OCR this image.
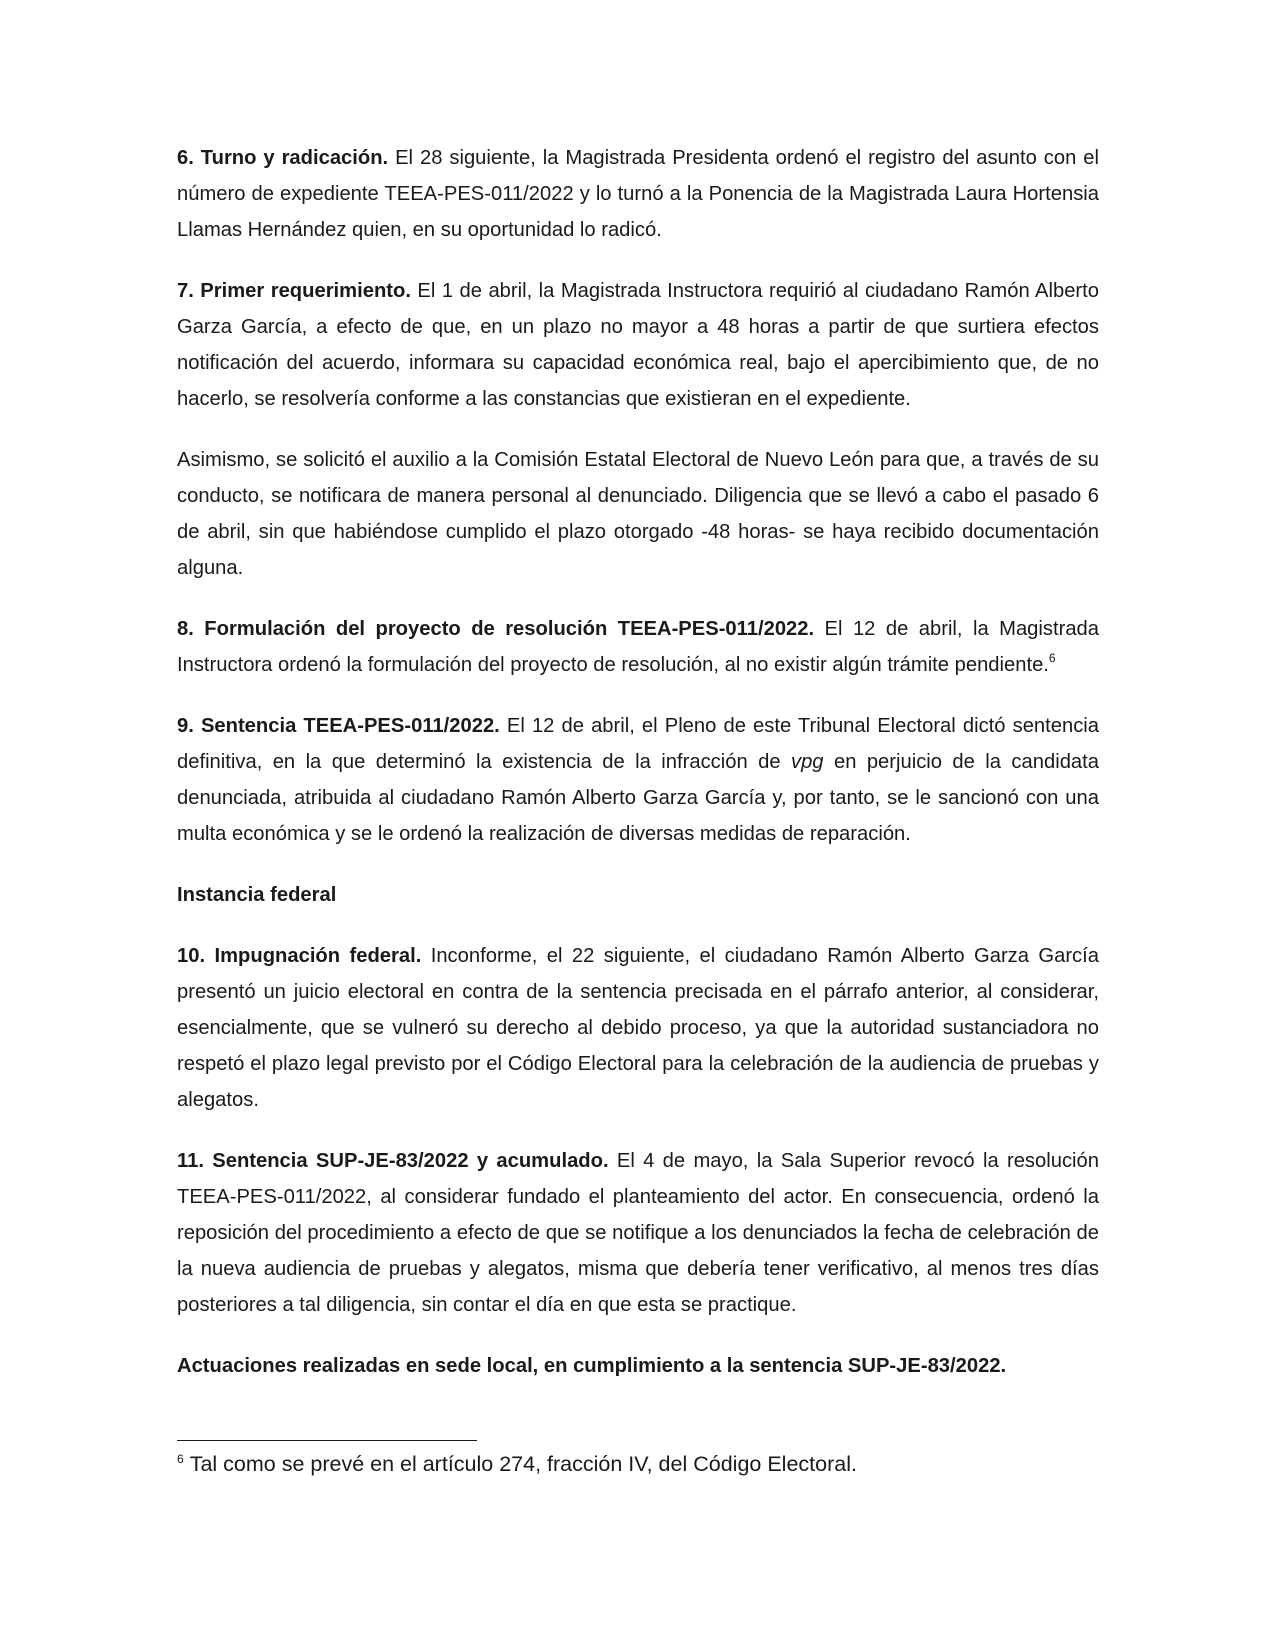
6. Turno y radicación. El 28 siguiente, la Magistrada Presidenta ordenó el registro del asunto con el número de expediente TEEA-PES-011/2022 y lo turnó a la Ponencia de la Magistrada Laura Hortensia Llamas Hernández quien, en su oportunidad lo radicó.

7. Primer requerimiento. El 1 de abril, la Magistrada Instructora requirió al ciudadano Ramón Alberto Garza García, a efecto de que, en un plazo no mayor a 48 horas a partir de que surtiera efectos notificación del acuerdo, informara su capacidad económica real, bajo el apercibimiento que, de no hacerlo, se resolvería conforme a las constancias que existieran en el expediente.

Asimismo, se solicitó el auxilio a la Comisión Estatal Electoral de Nuevo León para que, a través de su conducto, se notificara de manera personal al denunciado. Diligencia que se llevó a cabo el pasado 6 de abril, sin que habiéndose cumplido el plazo otorgado -48 horas- se haya recibido documentación alguna.

8. Formulación del proyecto de resolución TEEA-PES-011/2022. El 12 de abril, la Magistrada Instructora ordenó la formulación del proyecto de resolución, al no existir algún trámite pendiente.$^6$

9. Sentencia TEEA-PES-011/2022. El 12 de abril, el Pleno de este Tribunal Electoral dictó sentencia definitiva, en la que determinó la existencia de la infracción de vpg en perjuicio de la candidata denunciada, atribuida al ciudadano Ramón Alberto Garza García y, por tanto, se le sancionó con una multa económica y se le ordenó la realización de diversas medidas de reparación.

Instancia federal

10. Impugnación federal. Inconforme, el 22 siguiente, el ciudadano Ramón Alberto Garza García presentó un juicio electoral en contra de la sentencia precisada en el párrafo anterior, al considerar, esencialmente, que se vulneró su derecho al debido proceso, ya que la autoridad sustanciadora no respetó el plazo legal previsto por el Código Electoral para la celebración de la audiencia de pruebas y alegatos.

11. Sentencia SUP-JE-83/2022 y acumulado. El 4 de mayo, la Sala Superior revocó la resolución TEEA-PES-011/2022, al considerar fundado el planteamiento del actor. En consecuencia, ordenó la reposición del procedimiento a efecto de que se notifique a los denunciados la fecha de celebración de la nueva audiencia de pruebas y alegatos, misma que debería tener verificativo, al menos tres días posteriores a tal diligencia, sin contar el día en que esta se practique.

Actuaciones realizadas en sede local, en cumplimiento a la sentencia SUP-JE-83/2022.

$^6$ Tal como se prevé en el artículo 274, fracción IV, del Código Electoral.
